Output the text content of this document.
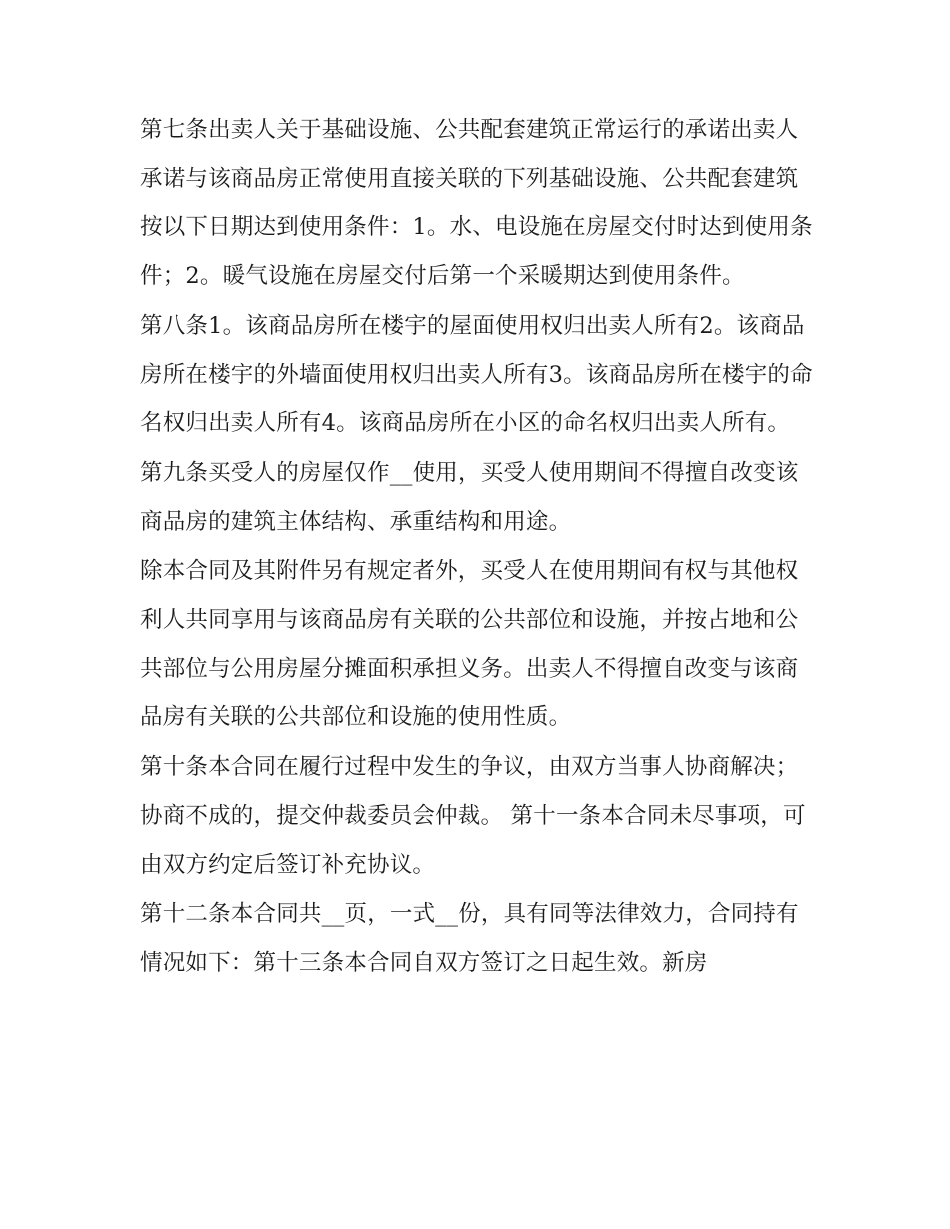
第七条出卖人关于基础设施、公共配套建筑正常运行的承诺出卖人承诺与该商品房正常使用直接关联的下列基础设施、公共配套建筑按以下日期达到使用条件：1。水、电设施在房屋交付时达到使用条件；2。暖气设施在房屋交付后第一个采暖期达到使用条件。

第八条1。该商品房所在楼宇的屋面使用权归出卖人所有2。该商品房所在楼宇的外墙面使用权归出卖人所有3。该商品房所在楼宇的命名权归出卖人所有4。该商品房所在小区的命名权归出卖人所有。

第九条买受人的房屋仅作__使用，买受人使用期间不得擅自改变该商品房的建筑主体结构、承重结构和用途。

除本合同及其附件另有规定者外，买受人在使用期间有权与其他权利人共同享用与该商品房有关联的公共部位和设施，并按占地和公共部位与公用房屋分摊面积承担义务。出卖人不得擅自改变与该商品房有关联的公共部位和设施的使用性质。

第十条本合同在履行过程中发生的争议，由双方当事人协商解决；协商不成的，提交仲裁委员会仲裁。 第十一条本合同未尽事项，可由双方约定后签订补充协议。

第十二条本合同共__页，一式__份，具有同等法律效力，合同持有情况如下：第十三条本合同自双方签订之日起生效。新房
